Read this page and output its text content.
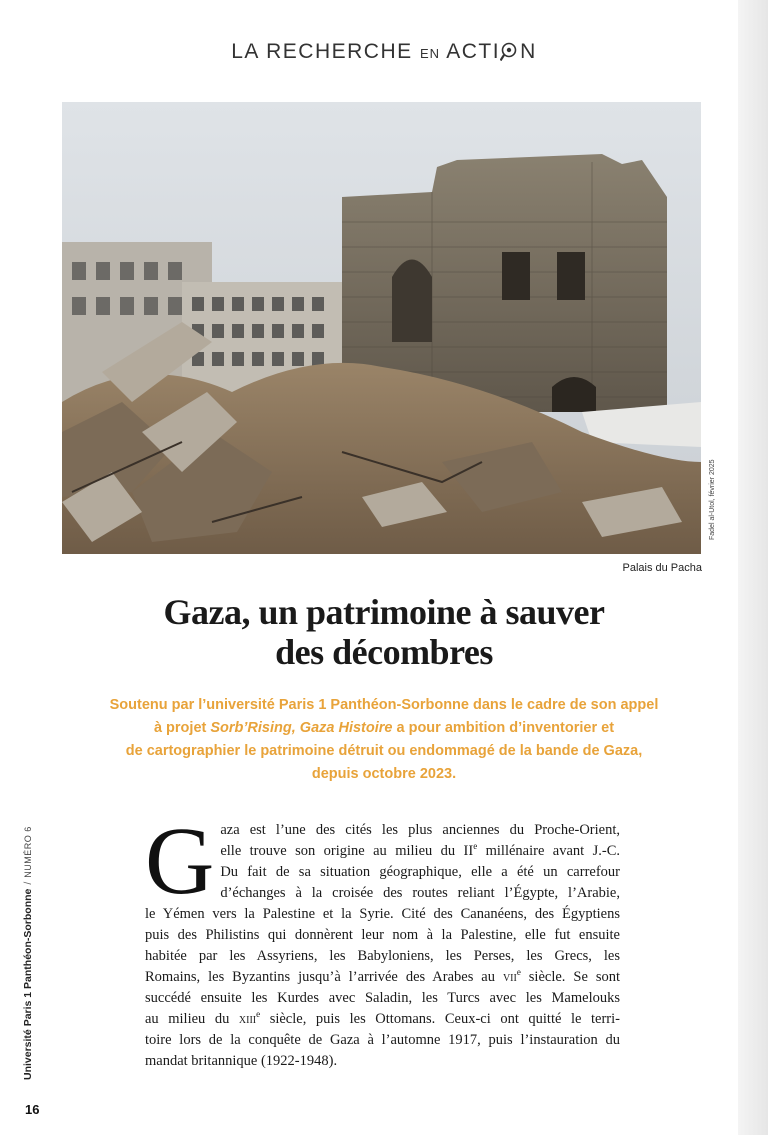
LA RECHERCHE EN ACTI N
Fadel al-Utol, février 2025
Palais du Pacha
Gaza, un patrimoine à sauver
des décombres
Soutenu par l’université Paris 1 Panthéon-Sorbonne dans le cadre de son appel
à projet Sorb’Rising, Gaza Histoire a pour ambition d’inventorier et
de cartographier le patrimoine détruit ou endommagé de la bande de Gaza,
depuis octobre 2023.
G aza est l’une des cités les plus anciennes du Proche-Orient,
elle trouve son origine au milieu du IIe millénaire avant J.-C.
Du fait de sa situation géographique, elle a été un carrefour
d’échanges à la croisée des routes reliant l’Égypte, l’Arabie,
le Yémen vers la Palestine et la Syrie. Cité des Cananéens, des Égyptiens
puis des Philistins qui donnèrent leur nom à la Palestine, elle fut ensuite
habitée par les Assyriens, les Babyloniens, les Perses, les Grecs, les
Romains, les Byzantins jusqu’à l’arrivée des Arabes au vii$^e$ siècle. Se sont
succédé ensuite les Kurdes avec Saladin, les Turcs avec les Mamelouks
au milieu du xiii$^e$ siècle, puis les Ottomans. Ceux-ci ont quitté le terri-
toire lors de la conquête de Gaza à l’automne 1917, puis l’instauration du
mandat britannique (1922-1948).
Université Paris 1 Panthéon-Sorbonne/NUMÉRO 6
16
